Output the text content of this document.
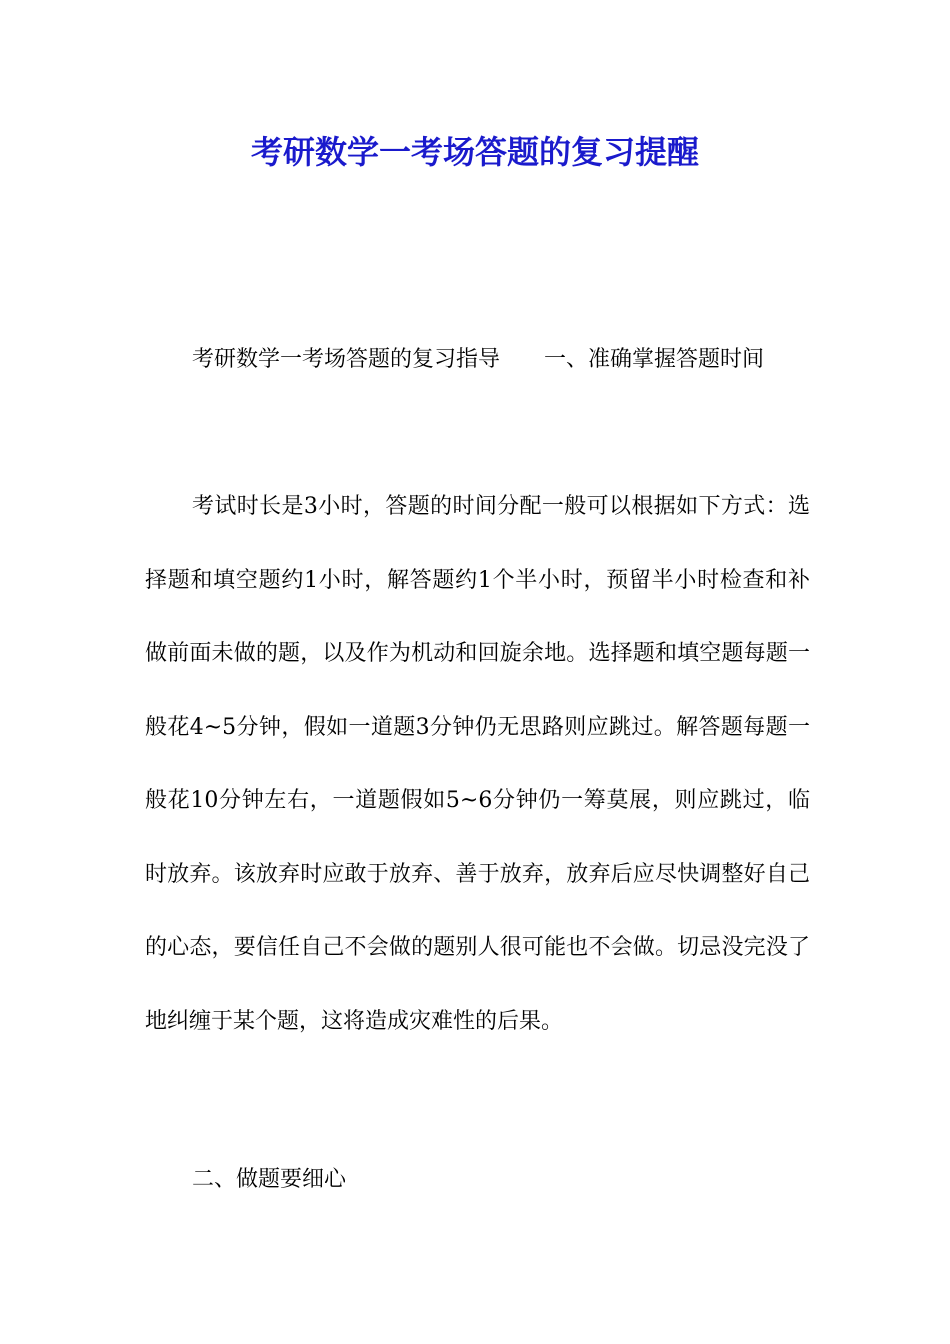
考研数学一考场答题的复习提醒

考研数学一考场答题的复习指导　　一、准确掌握答题时间

考试时长是3小时，答题的时间分配一般可以根据如下方式：选择题和填空题约1小时，解答题约1个半小时，预留半小时检查和补做前面未做的题，以及作为机动和回旋余地。选择题和填空题每题一般花4~5分钟，假如一道题3分钟仍无思路则应跳过。解答题每题一般花10分钟左右，一道题假如5~6分钟仍一筹莫展，则应跳过，临时放弃。该放弃时应敢于放弃、善于放弃，放弃后应尽快调整好自己的心态，要信任自己不会做的题别人很可能也不会做。切忌没完没了地纠缠于某个题，这将造成灾难性的后果。

二、做题要细心
